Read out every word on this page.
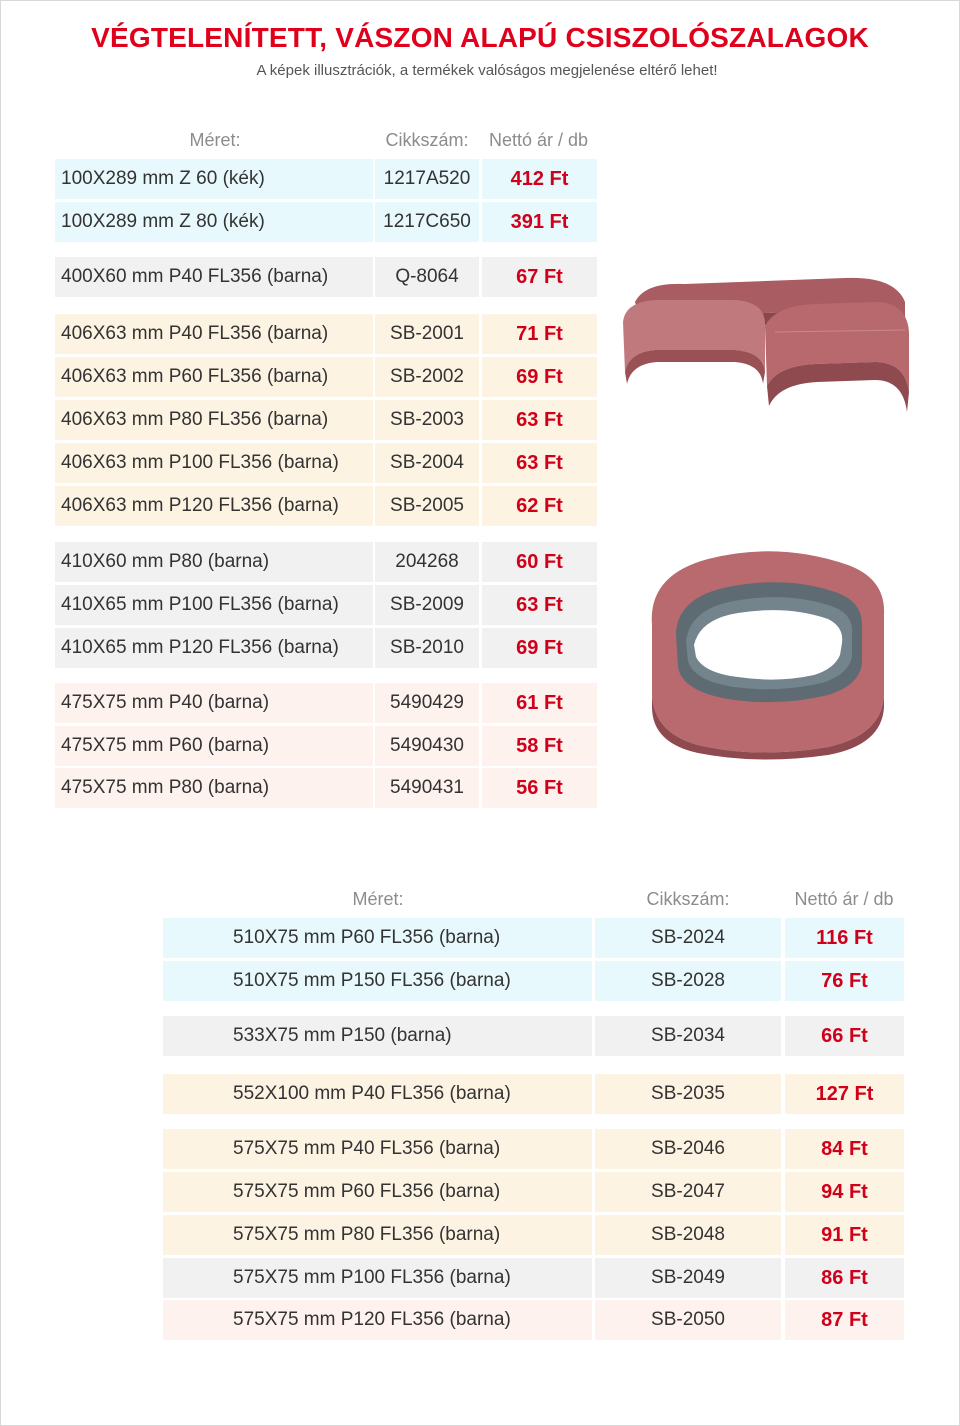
VÉGTELENÍTETT, VÁSZON ALAPÚ CSISZOLÓSZALAGOK
A képek illusztrációk, a termékek valóságos megjelenése eltérő lehet!
Méret:	Cikkszám:	Nettó ár / db
100X289 mm Z 60 (kék)	1217A520	412 Ft
100X289 mm Z 80 (kék)	1217C650	391 Ft
400X60 mm P40 FL356 (barna)	Q-8064	67 Ft
406X63 mm P40 FL356 (barna)	SB-2001	71 Ft
406X63 mm P60 FL356 (barna)	SB-2002	69 Ft
406X63 mm P80 FL356 (barna)	SB-2003	63 Ft
406X63 mm P100 FL356 (barna)	SB-2004	63 Ft
406X63 mm P120 FL356 (barna)	SB-2005	62 Ft
410X60 mm P80 (barna)	204268	60 Ft
410X65 mm P100 FL356 (barna)	SB-2009	63 Ft
410X65 mm P120 FL356 (barna)	SB-2010	69 Ft
475X75 mm P40 (barna)	5490429	61 Ft
475X75 mm P60 (barna)	5490430	58 Ft
475X75 mm P80 (barna)	5490431	56 Ft
Méret:	Cikkszám:	Nettó ár / db
510X75 mm P60 FL356 (barna)	SB-2024	116 Ft
510X75 mm P150 FL356 (barna)	SB-2028	76 Ft
533X75 mm P150 (barna)	SB-2034	66 Ft
552X100 mm P40 FL356 (barna)	SB-2035	127 Ft
575X75 mm P40 FL356 (barna)	SB-2046	84 Ft
575X75 mm P60 FL356 (barna)	SB-2047	94 Ft
575X75 mm P80 FL356 (barna)	SB-2048	91 Ft
575X75 mm P100 FL356 (barna)	SB-2049	86 Ft
575X75 mm P120 FL356 (barna)	SB-2050	87 Ft
